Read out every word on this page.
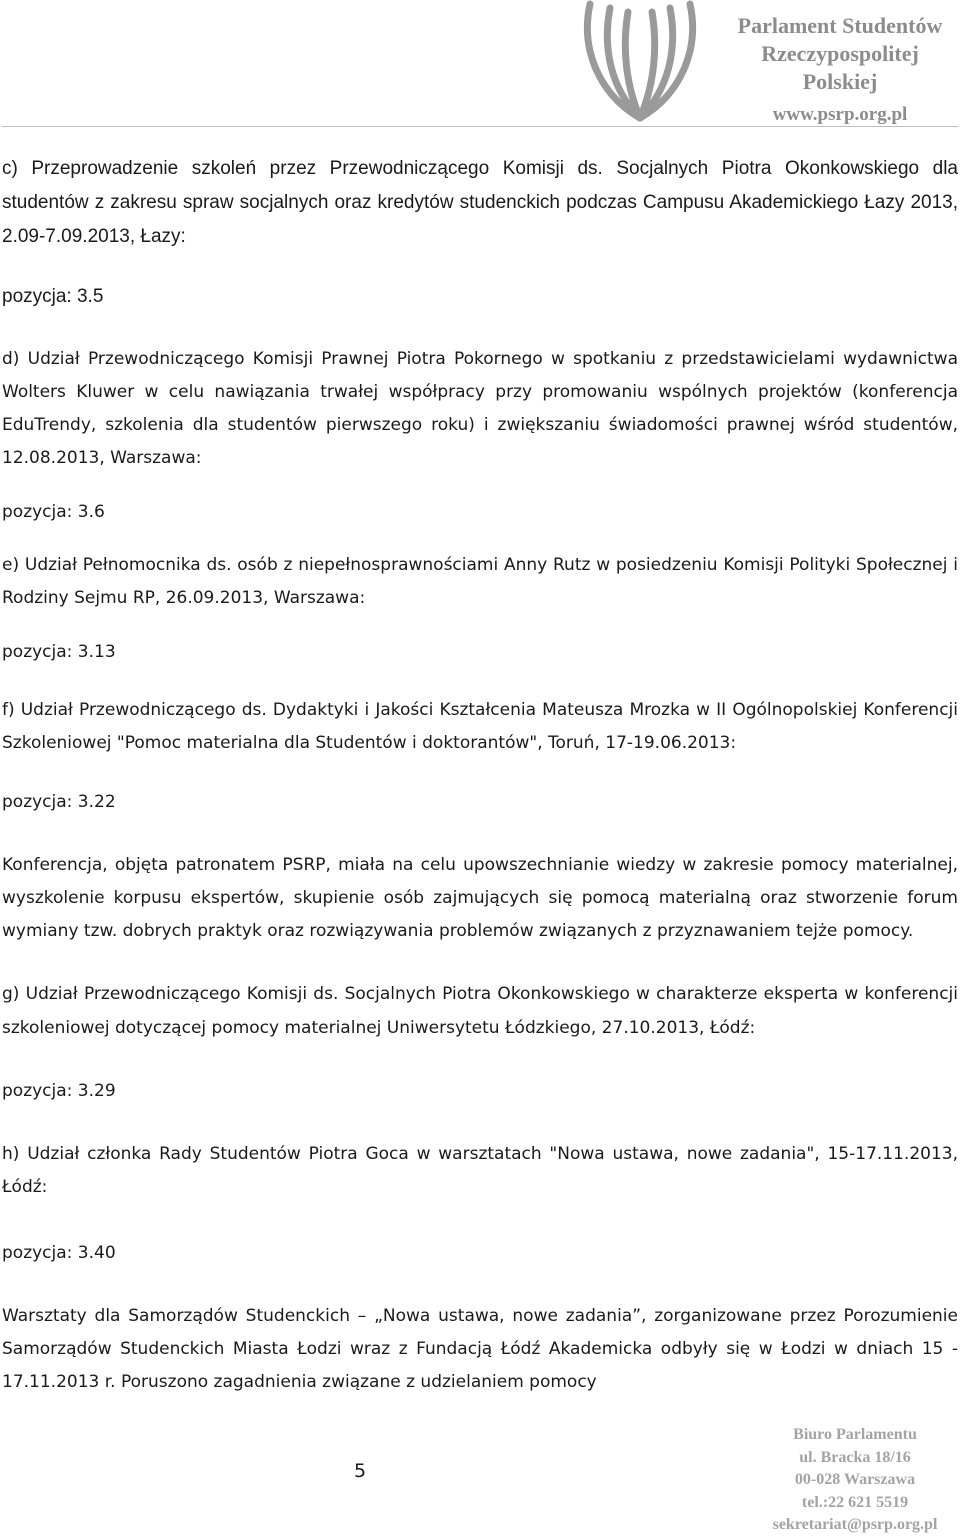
Parlament Studentów
Rzeczypospolitej Polskiej
www.psrp.org.pl

c) Przeprowadzenie szkoleń przez Przewodniczącego Komisji ds. Socjalnych Piotra Okonkowskiego dla studentów z zakresu spraw socjalnych oraz kredytów studenckich podczas Campusu Akademickiego Łazy 2013, 2.09-7.09.2013, Łazy:

pozycja: 3.5

d) Udział Przewodniczącego Komisji Prawnej Piotra Pokornego w spotkaniu z przedstawicielami wydawnictwa Wolters Kluwer w celu nawiązania trwałej współpracy przy promowaniu wspólnych projektów (konferencja EduTrendy, szkolenia dla studentów pierwszego roku) i zwiększaniu świadomości prawnej wśród studentów, 12.08.2013, Warszawa:

pozycja: 3.6

e) Udział Pełnomocnika ds. osób z niepełnosprawnościami Anny Rutz w posiedzeniu Komisji Polityki Społecznej i Rodziny Sejmu RP, 26.09.2013, Warszawa:

pozycja: 3.13

f) Udział Przewodniczącego ds. Dydaktyki i Jakości Kształcenia Mateusza Mrozka w II Ogólnopolskiej Konferencji Szkoleniowej "Pomoc materialna dla Studentów i doktorantów", Toruń, 17-19.06.2013:

pozycja: 3.22

Konferencja, objęta patronatem PSRP, miała na celu upowszechnianie wiedzy w zakresie pomocy materialnej, wyszkolenie korpusu ekspertów, skupienie osób zajmujących się pomocą materialną oraz stworzenie forum wymiany tzw. dobrych praktyk oraz rozwiązywania problemów związanych z przyznawaniem tejże pomocy.

g) Udział Przewodniczącego Komisji ds. Socjalnych Piotra Okonkowskiego w charakterze eksperta w konferencji szkoleniowej dotyczącej pomocy materialnej Uniwersytetu Łódzkiego, 27.10.2013, Łódź:

pozycja: 3.29

h) Udział członka Rady Studentów Piotra Goca w warsztatach "Nowa ustawa, nowe zadania", 15-17.11.2013, Łódź:

pozycja: 3.40

Warsztaty dla Samorządów Studenckich – „Nowa ustawa, nowe zadania”, zorganizowane przez Porozumienie Samorządów Studenckich Miasta Łodzi wraz z Fundacją Łódź Akademicka odbyły się w Łodzi w dniach 15 - 17.11.2013 r. Poruszono zagadnienia związane z udzielaniem pomocy

5
Biuro Parlamentu
ul. Bracka 18/16
00-028 Warszawa
tel.:22 621 5519
sekretariat@psrp.org.pl
